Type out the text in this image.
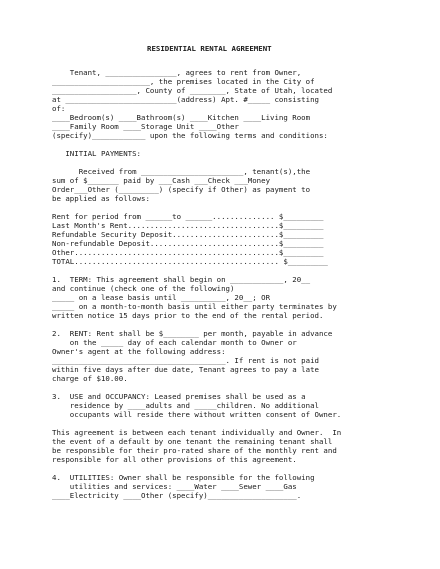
RESIDENTIAL RENTAL AGREEMENT
Tenant, ________________, agrees to rent from Owner,
______________________, the premises located in the City of
___________________, County of ________, State of Utah, located
at _________________________(address) Apt. #_____ consisting
of:
____Bedroom(s) ____Bathroom(s) ____Kitchen ____Living Room
____Family Room ____Storage Unit ____Other
(specify)____________ upon the following terms and conditions:
INITIAL PAYMENTS:
Received from _______________________, tenant(s),the
sum of $_______ paid by ___Cash ___Check ___Money
Order___Other (_________) (specify if Other) as payment to
be applied as follows:
Rent for period from ______to ______.............. $_________
Last Month's Rent..................................$_________
Refundable Security Deposit........................$_________
Non-refundable Deposit.............................$_________
Other..............................................$_________
TOTAL.............................................. $_________
1.  TERM: This agreement shall begin on ____________, 20__
and continue (check one of the following)
_____ on a lease basis until __________, 20__; OR
_____ on a month-to-month basis until either party terminates by
written notice 15 days prior to the end of the rental period.
2.  RENT: Rent shall be $________ per month, payable in advance
on the _____ day of each calendar month to Owner or
Owner's agent at the following address:
_______________________________________. If rent is not paid
within five days after due date, Tenant agrees to pay a late
charge of $10.00.
3.  USE and OCCUPANCY: Leased premises shall be used as a
residence by ____adults and _____children. No additional
occupants will reside there without written consent of Owner.
This agreement is between each tenant individually and Owner.  In
the event of a default by one tenant the remaining tenant shall
be responsible for their pro-rated share of the monthly rent and
responsible for all other provisions of this agreement.
4.  UTILITIES: Owner shall be responsible for the following
utilities and services: ____Water ____Sewer ____Gas
____Electricity ____Other (specify)____________________.
